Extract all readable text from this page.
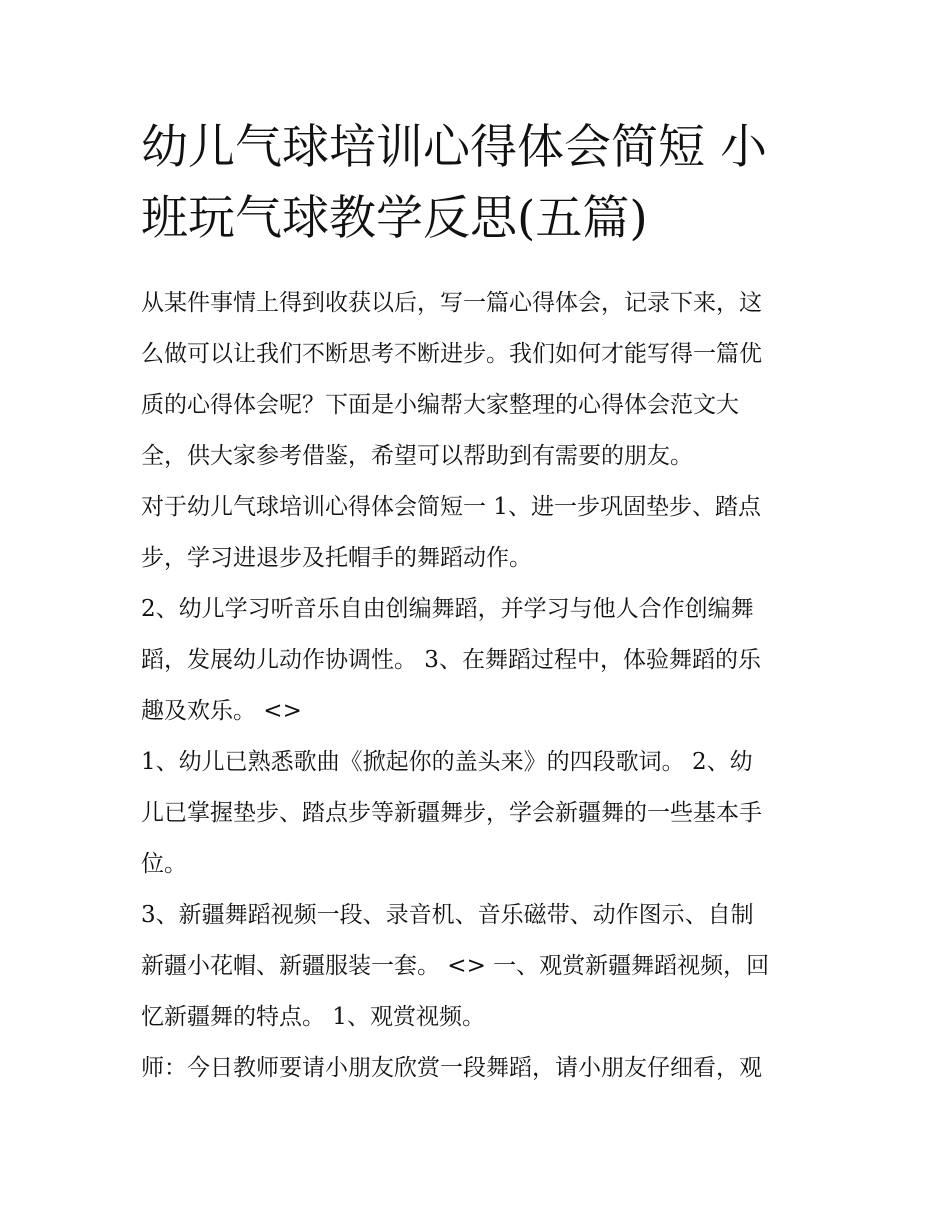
幼儿气球培训心得体会简短 小
班玩气球教学反思(五篇)

从某件事情上得到收获以后，写一篇心得体会，记录下来，这
么做可以让我们不断思考不断进步。我们如何才能写得一篇优
质的心得体会呢？下面是小编帮大家整理的心得体会范文大
全，供大家参考借鉴，希望可以帮助到有需要的朋友。

对于幼儿气球培训心得体会简短一 1、进一步巩固垫步、踏点
步，学习进退步及托帽手的舞蹈动作。

2、幼儿学习听音乐自由创编舞蹈，并学习与他人合作创编舞
蹈，发展幼儿动作协调性。 3、在舞蹈过程中，体验舞蹈的乐
趣及欢乐。 <>

1、幼儿已熟悉歌曲《掀起你的盖头来》的四段歌词。 2、幼
儿已掌握垫步、踏点步等新疆舞步，学会新疆舞的一些基本手
位。

3、新疆舞蹈视频一段、录音机、音乐磁带、动作图示、自制
新疆小花帽、新疆服装一套。 <> 一、观赏新疆舞蹈视频，回
忆新疆舞的特点。 1、观赏视频。

师：今日教师要请小朋友欣赏一段舞蹈，请小朋友仔细看，观
